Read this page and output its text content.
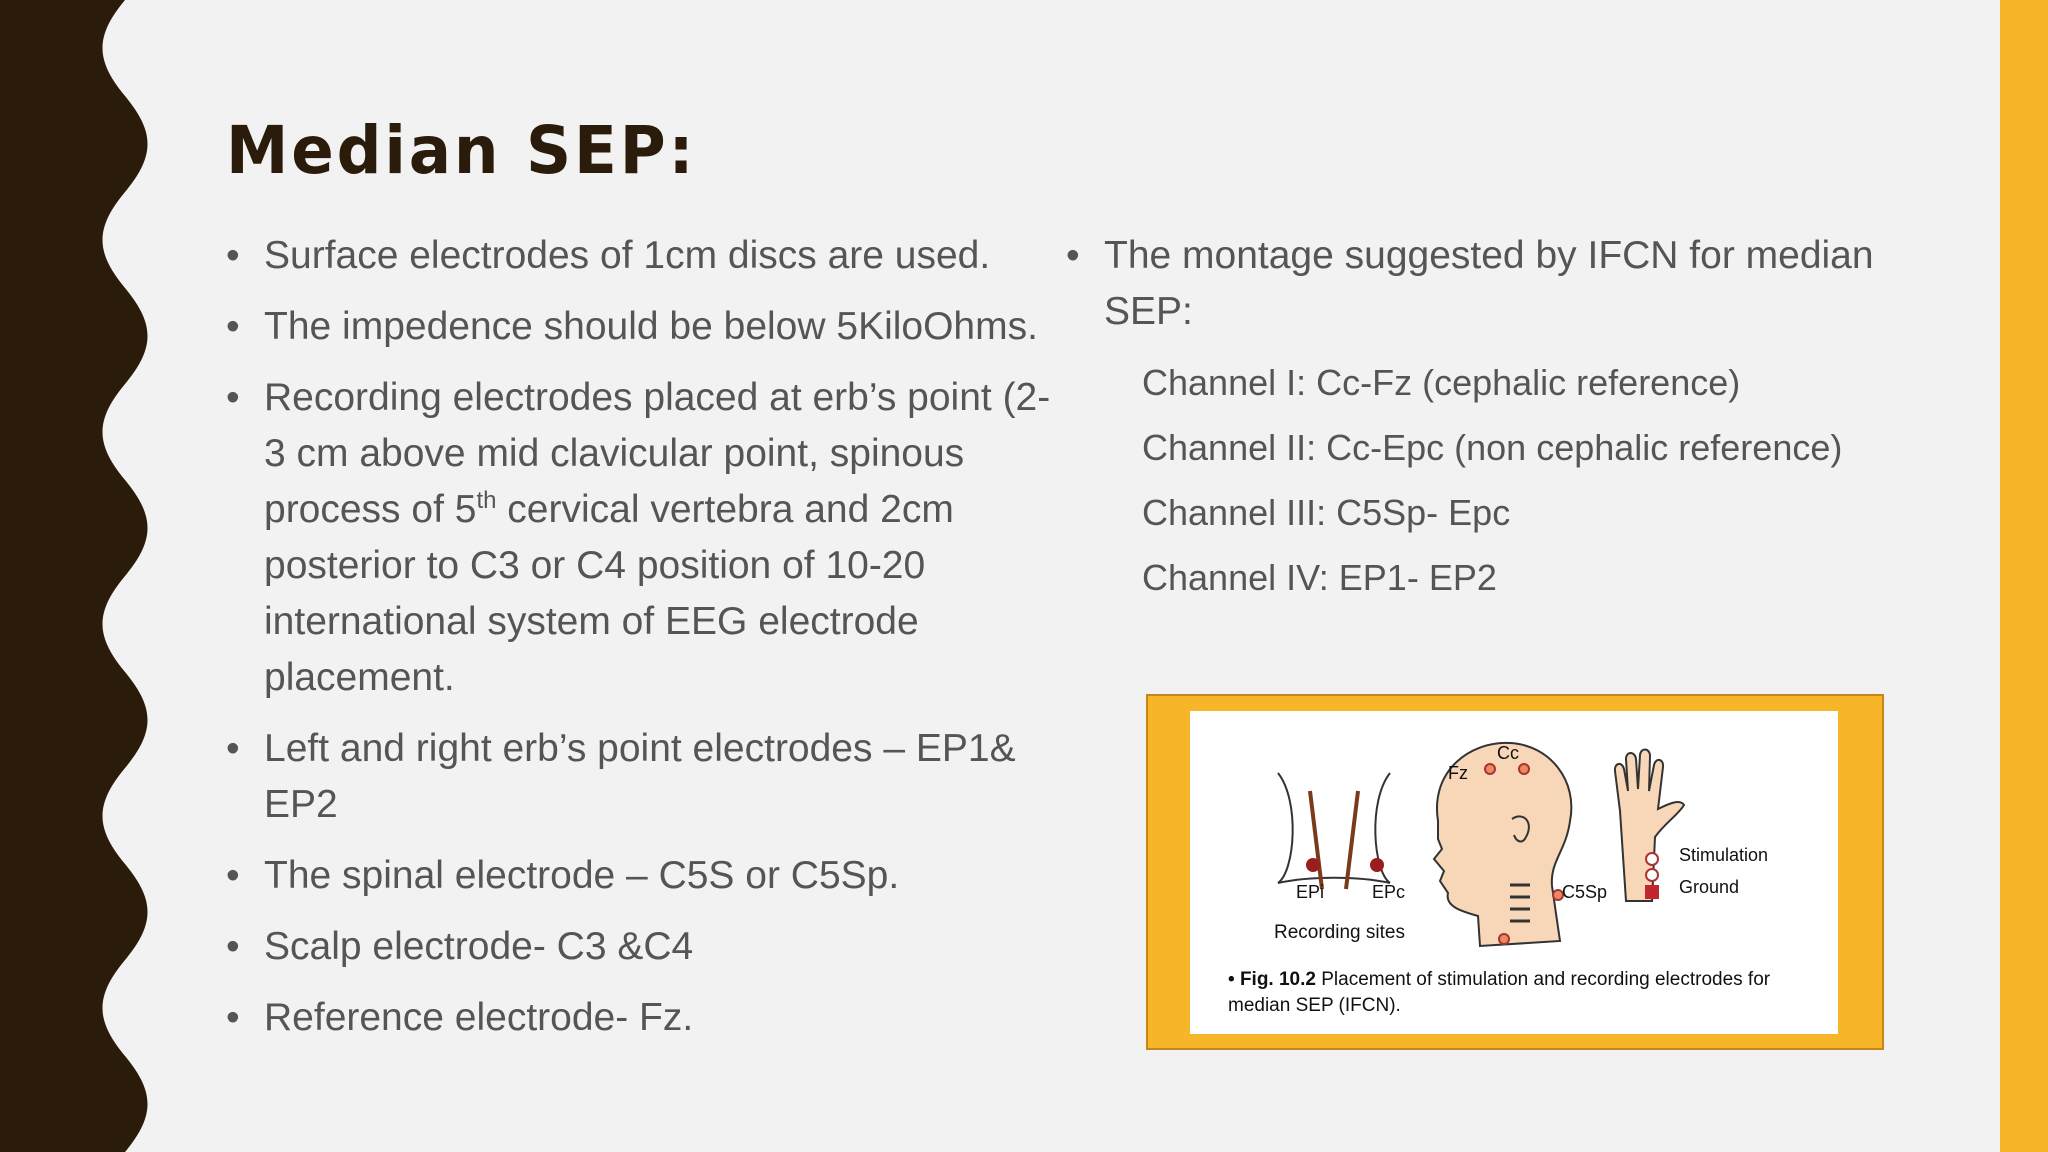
Median SEP:
• Surface electrodes of 1cm discs are used.
• The impedence should be below 5KiloOhms.
• Recording electrodes placed at erb’s point (2-3 cm above mid clavicular point, spinous process of 5th cervical vertebra and 2cm posterior to C3 or C4 position of 10-20 international system of EEG electrode placement.
• Left and right erb’s point electrodes – EP1& EP2
• The spinal electrode – C5S or C5Sp.
• Scalp electrode- C3 &C4
• Reference electrode- Fz.
• The montage suggested by IFCN for median SEP:
Channel I: Cc-Fz (cephalic reference)
Channel II: Cc-Epc (non cephalic reference)
Channel III: C5Sp- Epc
Channel IV: EP1- EP2
EPi	EPc
Recording sites
Fz
Cc
C5Sp
Stimulation
Ground
• Fig. 10.2 Placement of stimulation and recording electrodes for median SEP (IFCN).
